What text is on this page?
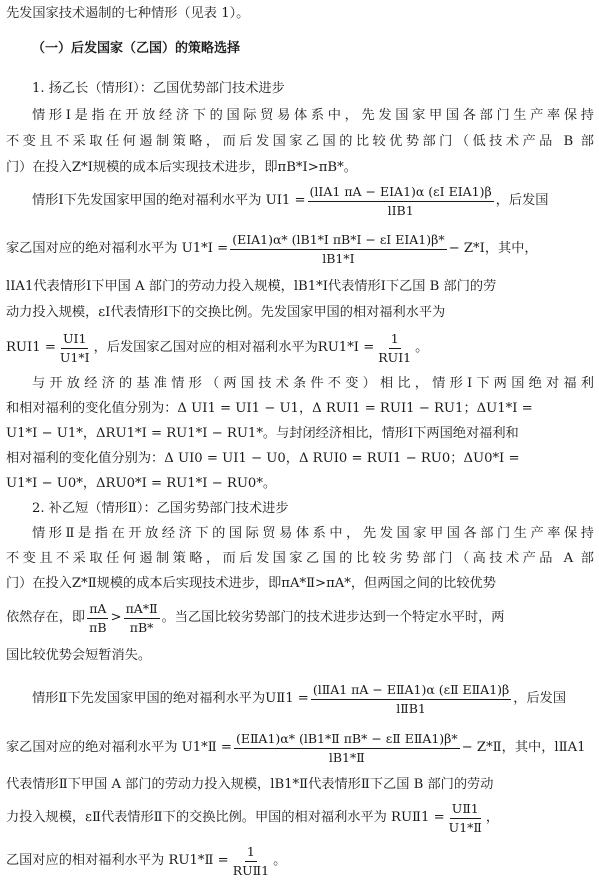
先发国家技术遏制的七种情形（见表 1）。
（一）后发国家（乙国）的策略选择
1. 扬乙长（情形Ⅰ）：乙国优势部门技术进步
情形Ⅰ是指在开放经济下的国际贸易体系中，先发国家甲国各部门生产率保持
不变且不采取任何遏制策略，而后发国家乙国的比较优势部门（低技术产品 B 部
门）在投入Z*Ⅰ规模的成本后实现技术进步，即πB*Ⅰ>πB*。
情形Ⅰ下先发国家甲国的绝对福利水平为 UⅠ1 = $\frac{\text{(lⅠA1 πA − EⅠA1)α (εⅠ EⅠA1)β}}{\text{lⅠB1}}$ ，后发国
家乙国对应的绝对福利水平为 U1*Ⅰ = $\frac{\text{(EⅠA1)α* (lB1*Ⅰ πB*Ⅰ − εⅠ EⅠA1)β*}}{\text{lB1*Ⅰ}}$ − Z*Ⅰ，其中，
lⅠA1代表情形Ⅰ下甲国 A 部门的劳动力投入规模，lB1*Ⅰ代表情形Ⅰ下乙国 B 部门的劳
动力投入规模，εⅠ代表情形Ⅰ下的交换比例。先发国家甲国的相对福利水平为
RUⅠ1 = $\frac{\text{UⅠ1}}{\text{U1*Ⅰ}}$ ，后发国家乙国对应的相对福利水平为RU1*Ⅰ = $\frac{1}{\text{RUⅠ1}}$ 。
与开放经济的基准情形（两国技术条件不变）相比，情形Ⅰ下两国绝对福利
和相对福利的变化值分别为：Δ UⅠ1 = UⅠ1 − U1，Δ RUⅠ1 = RUⅠ1 − RU1；ΔU1*Ⅰ =
U1*Ⅰ − U1*，ΔRU1*Ⅰ = RU1*Ⅰ − RU1*。与封闭经济相比，情形Ⅰ下两国绝对福利和
相对福利的变化值分别为：Δ UⅠ0 = UⅠ1 − U0，Δ RUⅠ0 = RUⅠ1 − RU0；ΔU0*Ⅰ =
U1*Ⅰ − U0*，ΔRU0*Ⅰ = RU1*Ⅰ − RU0*。
2. 补乙短（情形Ⅱ）：乙国劣势部门技术进步
情形Ⅱ是指在开放经济下的国际贸易体系中，先发国家甲国各部门生产率保持
不变且不采取任何遏制策略，而后发国家乙国的比较劣势部门（高技术产品 A 部
门）在投入Z*Ⅱ规模的成本后实现技术进步，即πA*Ⅱ>πA*，但两国之间的比较优势
依然存在，即 $\frac{\pi A}{\pi B} > \frac{\text{πA*Ⅱ}}{\pi B*}$ 。当乙国比较劣势部门的技术进步达到一个特定水平时，两
国比较优势会短暂消失。
情形Ⅱ下先发国家甲国的绝对福利水平为UⅡ1 = $\frac{\text{(lⅡA1 πA − EⅡA1)α (εⅡ EⅡA1)β}}{\text{lⅡB1}}$ ，后发国
家乙国对应的绝对福利水平为 U1*Ⅱ = $\frac{\text{(EⅡA1)α* (lB1*Ⅱ πB* − εⅡ EⅡA1)β*}}{\text{lB1*Ⅱ}}$ − Z*Ⅱ，其中，lⅡA1
代表情形Ⅱ下甲国 A 部门的劳动力投入规模，lB1*Ⅱ代表情形Ⅱ下乙国 B 部门的劳动
力投入规模，εⅡ代表情形Ⅱ下的交换比例。甲国的相对福利水平为 RUⅡ1 = $\frac{\text{UⅡ1}}{\text{U1*Ⅱ}}$ ，
乙国对应的相对福利水平为 RU1*Ⅱ = $\frac{1}{\text{RUⅡ1}}$ 。
